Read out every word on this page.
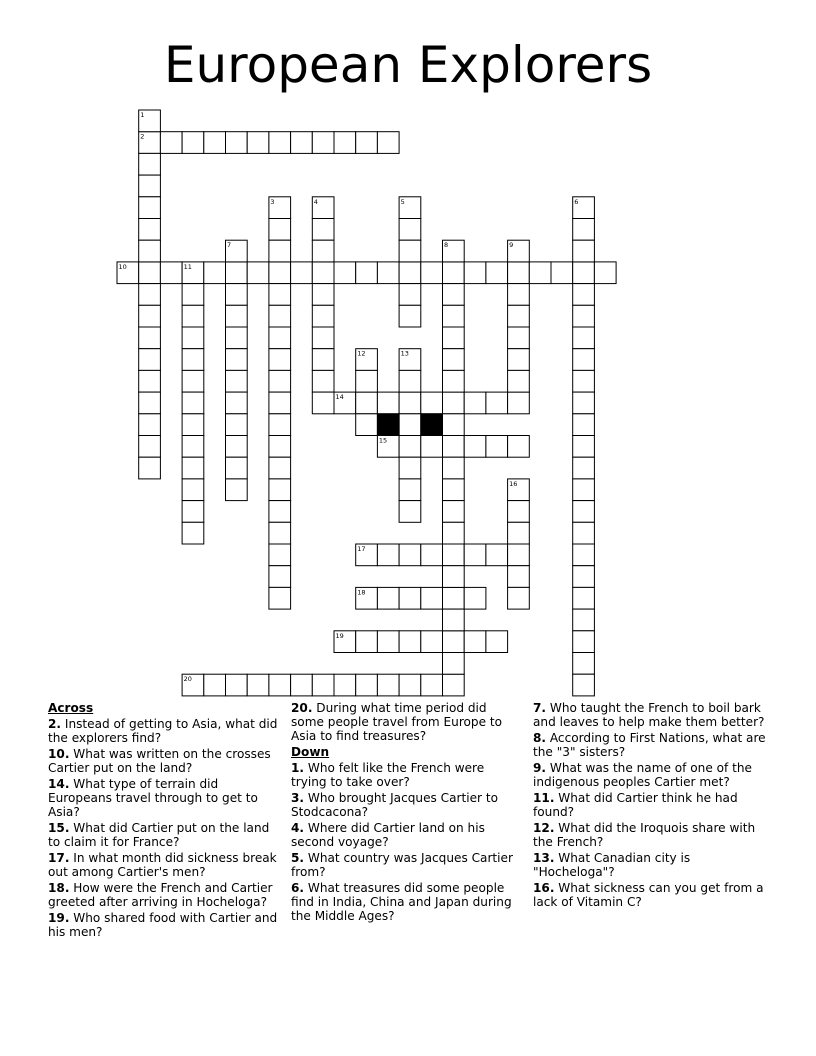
European Explorers
2
10
14
15
17
18
19
20
1
3	4	5	6
7	8	9
11
12	13
16
Across
2. Instead of getting to Asia, what did the explorers find?
10. What was written on the crosses Cartier put on the land?
14. What type of terrain did Europeans travel through to get to Asia?
15. What did Cartier put on the land to claim it for France?
17. In what month did sickness break out among Cartier's men?
18. How were the French and Cartier greeted after arriving in Hocheloga?
19. Who shared food with Cartier and his men?
20. During what time period did some people travel from Europe to Asia to find treasures?
Down
1. Who felt like the French were trying to take over?
3. Who brought Jacques Cartier to Stodcacona?
4. Where did Cartier land on his second voyage?
5. What country was Jacques Cartier from?
6. What treasures did some people find in India, China and Japan during the Middle Ages?
7. Who taught the French to boil bark and leaves to help make them better?
8. According to First Nations, what are the "3" sisters?
9. What was the name of one of the indigenous peoples Cartier met?
11. What did Cartier think he had found?
12. What did the Iroquois share with the French?
13. What Canadian city is "Hocheloga"?
16. What sickness can you get from a lack of Vitamin C?
